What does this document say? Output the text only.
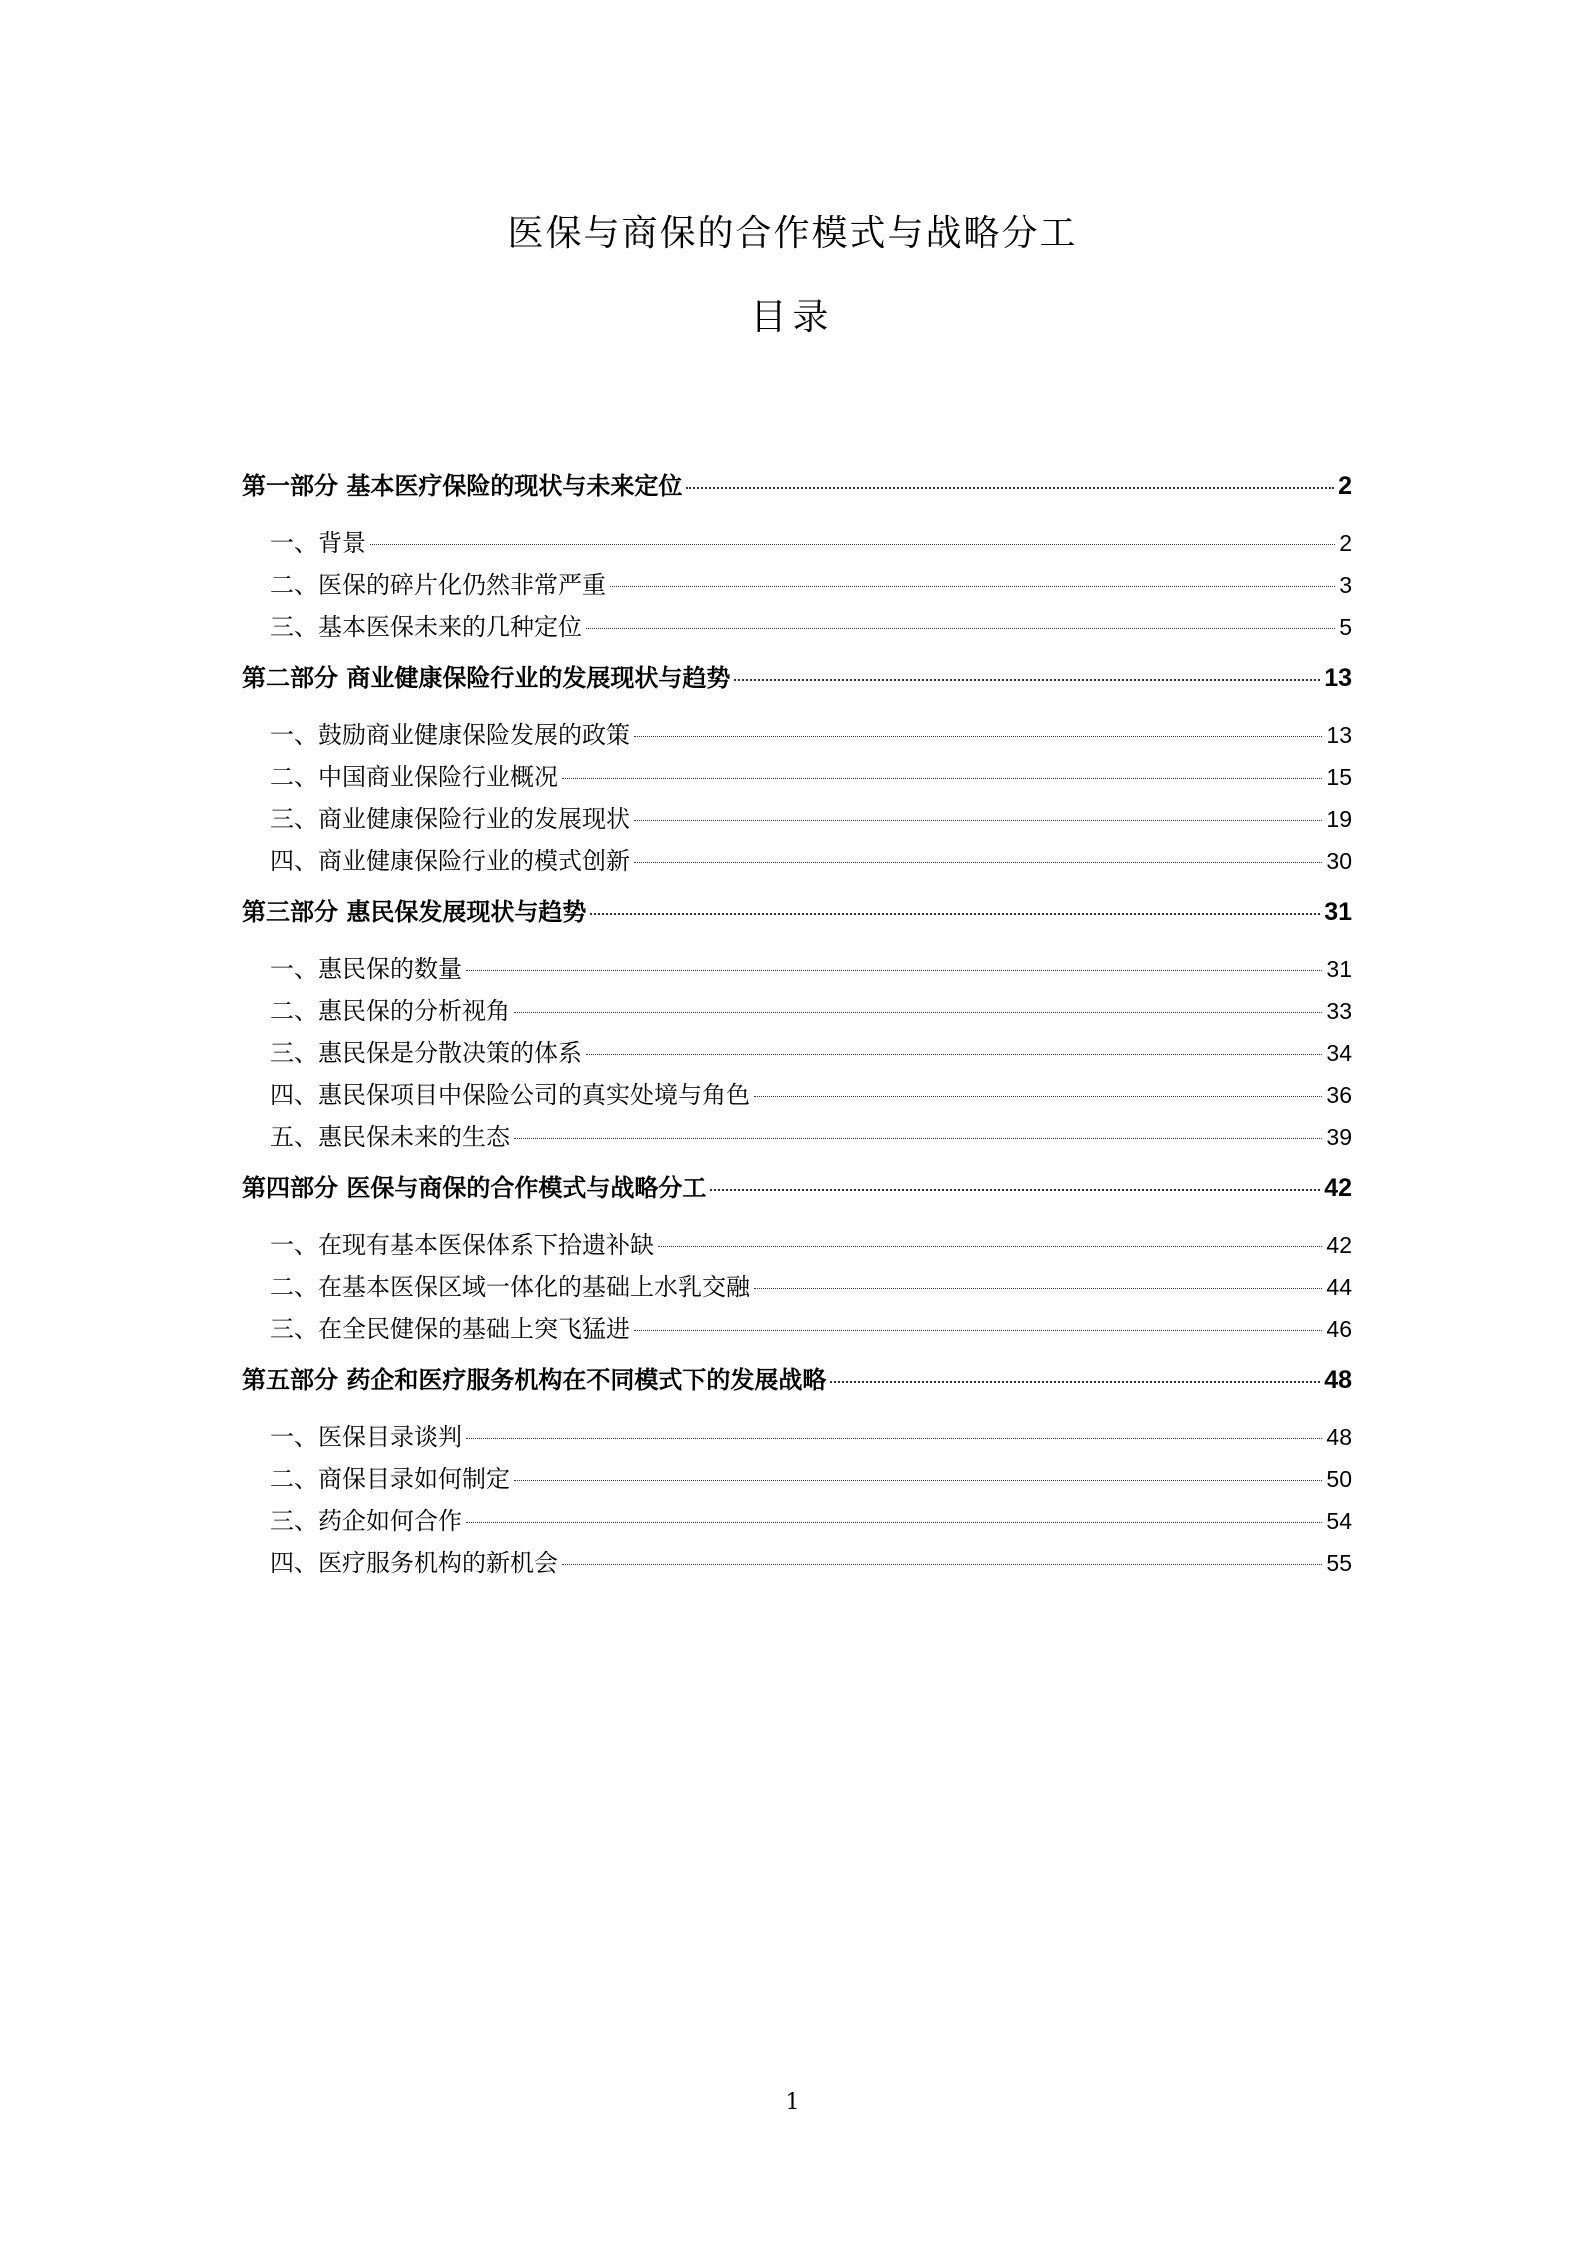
医保与商保的合作模式与战略分工
目录
第一部分 基本医疗保险的现状与未来定位	2
一、背景	2
二、医保的碎片化仍然非常严重	3
三、基本医保未来的几种定位	5
第二部分 商业健康保险行业的发展现状与趋势	13
一、鼓励商业健康保险发展的政策	13
二、中国商业保险行业概况	15
三、商业健康保险行业的发展现状	19
四、商业健康保险行业的模式创新	30
第三部分 惠民保发展现状与趋势	31
一、惠民保的数量	31
二、惠民保的分析视角	33
三、惠民保是分散决策的体系	34
四、惠民保项目中保险公司的真实处境与角色	36
五、惠民保未来的生态	39
第四部分 医保与商保的合作模式与战略分工	42
一、在现有基本医保体系下拾遗补缺	42
二、在基本医保区域一体化的基础上水乳交融	44
三、在全民健保的基础上突飞猛进	46
第五部分 药企和医疗服务机构在不同模式下的发展战略	48
一、医保目录谈判	48
二、商保目录如何制定	50
三、药企如何合作	54
四、医疗服务机构的新机会	55
1
